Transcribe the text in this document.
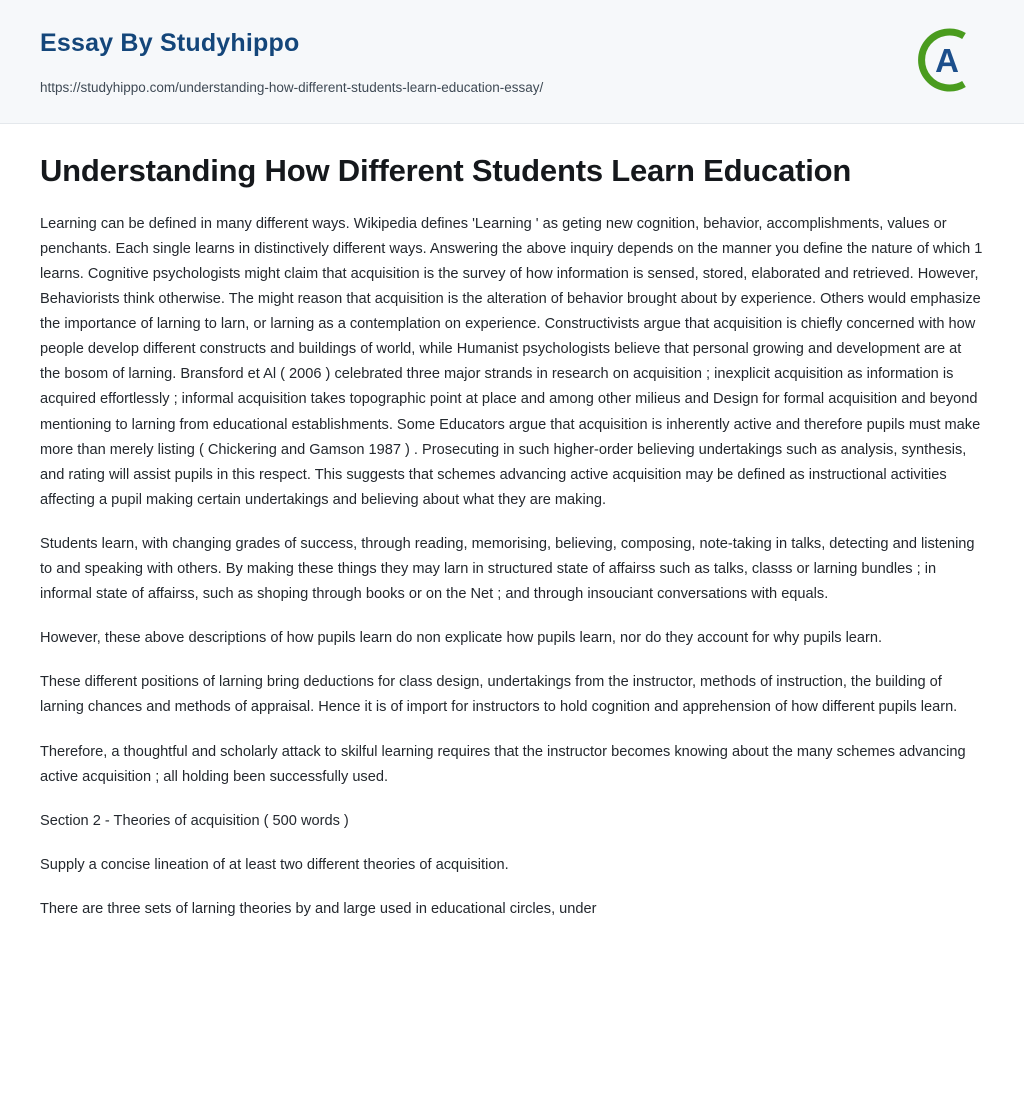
Essay By Studyhippo
https://studyhippo.com/understanding-how-different-students-learn-education-essay/
A
Understanding How Different Students Learn Education

Learning can be defined in many different ways. Wikipedia defines 'Learning ' as geting new cognition, behavior, accomplishments, values or penchants. Each single learns in distinctively different ways. Answering the above inquiry depends on the manner you define the nature of which 1 learns. Cognitive psychologists might claim that acquisition is the survey of how information is sensed, stored, elaborated and retrieved. However, Behaviorists think otherwise. The might reason that acquisition is the alteration of behavior brought about by experience. Others would emphasize the importance of larning to larn, or larning as a contemplation on experience. Constructivists argue that acquisition is chiefly concerned with how people develop different constructs and buildings of world, while Humanist psychologists believe that personal growing and development are at the bosom of larning. Bransford et Al ( 2006 ) celebrated three major strands in research on acquisition ; inexplicit acquisition as information is acquired effortlessly ; informal acquisition takes topographic point at place and among other milieus and Design for formal acquisition and beyond mentioning to larning from educational establishments. Some Educators argue that acquisition is inherently active and therefore pupils must make more than merely listing ( Chickering and Gamson 1987 ) . Prosecuting in such higher-order believing undertakings such as analysis, synthesis, and rating will assist pupils in this respect. This suggests that schemes advancing active acquisition may be defined as instructional activities affecting a pupil making certain undertakings and believing about what they are making.

Students learn, with changing grades of success, through reading, memorising, believing, composing, note-taking in talks, detecting and listening to and speaking with others. By making these things they may larn in structured state of affairss such as talks, classs or larning bundles ; in informal state of affairss, such as shoping through books or on the Net ; and through insouciant conversations with equals.

However, these above descriptions of how pupils learn do non explicate how pupils learn, nor do they account for why pupils learn.

These different positions of larning bring deductions for class design, undertakings from the instructor, methods of instruction, the building of larning chances and methods of appraisal. Hence it is of import for instructors to hold cognition and apprehension of how different pupils learn.

Therefore, a thoughtful and scholarly attack to skilful learning requires that the instructor becomes knowing about the many schemes advancing active acquisition ; all holding been successfully used.

Section 2 - Theories of acquisition ( 500 words )

Supply a concise lineation of at least two different theories of acquisition.

There are three sets of larning theories by and large used in educational circles, under
